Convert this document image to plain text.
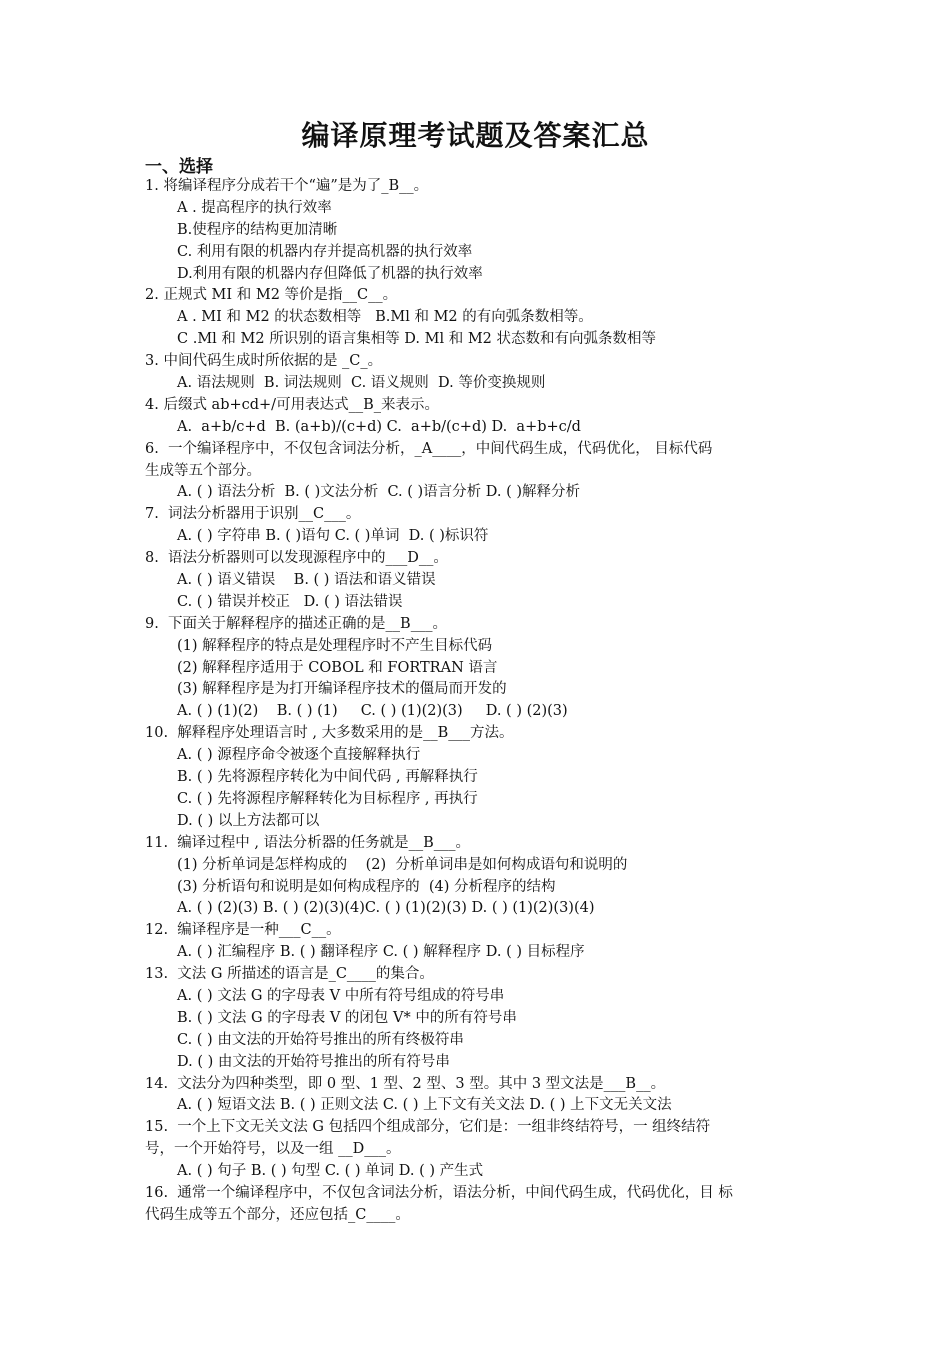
编译原理考试题及答案汇总
一、选择
1. 将编译程序分成若干个“遍”是为了_B__。
A . 提高程序的执行效率
B.使程序的结构更加清晰
C. 利用有限的机器内存并提高机器的执行效率
D.利用有限的机器内存但降低了机器的执行效率
2. 正规式 MI 和 M2 等价是指__C__。
A . MI 和 M2 的状态数相等   B.Ml 和 M2 的有向弧条数相等。
C .Ml 和 M2 所识别的语言集相等 D. Ml 和 M2 状态数和有向弧条数相等
3. 中间代码生成时所依据的是 _C_。
A. 语法规则  B. 词法规则  C. 语义规则  D. 等价变换规则
4. 后缀式 ab+cd+/可用表达式__B_来表示。
A.  a+b/c+d  B. (a+b)/(c+d) C.  a+b/(c+d) D.  a+b+c/d
6.  一个编译程序中，不仅包含词法分析，_A____，中间代码生成，代码优化， 目标代码
生成等五个部分。
A. ( ) 语法分析  B. ( )文法分析  C. ( )语言分析 D. ( )解释分析
7.  词法分析器用于识别__C___。
A. ( ) 字符串 B. ( )语句 C. ( )单词  D. ( )标识符
8.  语法分析器则可以发现源程序中的___D__。
A. ( ) 语义错误    B. ( ) 语法和语义错误
C. ( ) 错误并校正   D. ( ) 语法错误
9.  下面关于解释程序的描述正确的是__B___。
(1) 解释程序的特点是处理程序时不产生目标代码
(2) 解释程序适用于 COBOL 和 FORTRAN 语言
(3) 解释程序是为打开编译程序技术的僵局而开发的
A. ( ) (1)(2)    B. ( ) (1)     C. ( ) (1)(2)(3)     D. ( ) (2)(3)
10.  解释程序处理语言时 , 大多数采用的是__B___方法。
A. ( ) 源程序命令被逐个直接解释执行
B. ( ) 先将源程序转化为中间代码 , 再解释执行
C. ( ) 先将源程序解释转化为目标程序 , 再执行
D. ( ) 以上方法都可以
11.  编译过程中 , 语法分析器的任务就是__B___。
(1) 分析单词是怎样构成的    (2)  分析单词串是如何构成语句和说明的
(3) 分析语句和说明是如何构成程序的  (4) 分析程序的结构
A. ( ) (2)(3) B. ( ) (2)(3)(4)C. ( ) (1)(2)(3) D. ( ) (1)(2)(3)(4)
12.  编译程序是一种___C__。
A. ( ) 汇编程序 B. ( ) 翻译程序 C. ( ) 解释程序 D. ( ) 目标程序
13.  文法 G 所描述的语言是_C____的集合。
A. ( ) 文法 G 的字母表 V 中所有符号组成的符号串
B. ( ) 文法 G 的字母表 V 的闭包 V* 中的所有符号串
C. ( ) 由文法的开始符号推出的所有终极符串
D. ( ) 由文法的开始符号推出的所有符号串
14.  文法分为四种类型，即 0 型、1 型、2 型、3 型。其中 3 型文法是___B__。
A. ( ) 短语文法 B. ( ) 正则文法 C. ( ) 上下文有关文法 D. ( ) 上下文无关文法
15.  一个上下文无关文法 G 包括四个组成部分，它们是：一组非终结符号，一 组终结符
号，一个开始符号，以及一组 __D___。
A. ( ) 句子 B. ( ) 句型 C. ( ) 单词 D. ( ) 产生式
16.  通常一个编译程序中，不仅包含词法分析，语法分析，中间代码生成，代码优化，目 标
代码生成等五个部分，还应包括_C____。
